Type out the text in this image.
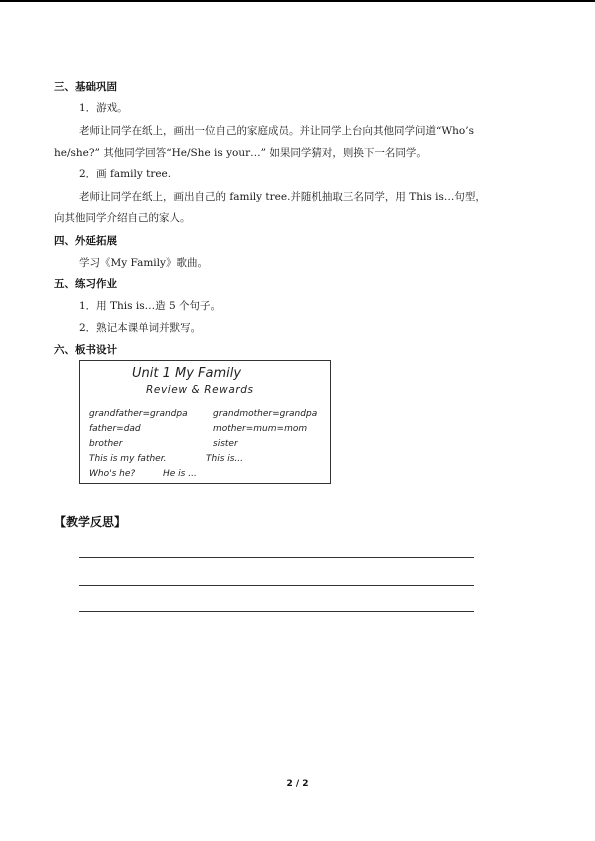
三、基础巩固
1．游戏。
老师让同学在纸上，画出一位自己的家庭成员。并让同学上台向其他同学问道“Who’s
he/she?” 其他同学回答“He/She is your…” 如果同学猜对，则换下一名同学。
2．画 family tree.
老师让同学在纸上，画出自己的 family tree.并随机抽取三名同学，用 This is…句型，
向其他同学介绍自己的家人。
四、外延拓展
学习《My Family》歌曲。
五、练习作业
1．用 This is…造 5 个句子。
2．熟记本课单词并默写。
六、板书设计
Unit 1 My Family
Review & Rewards
grandfather=grandpa	grandmother=grandpa
father=dad	mother=mum=mom
brother	sister
This is my father.	This is...
Who's he?	He is ...
【教学反思】
2 / 2
